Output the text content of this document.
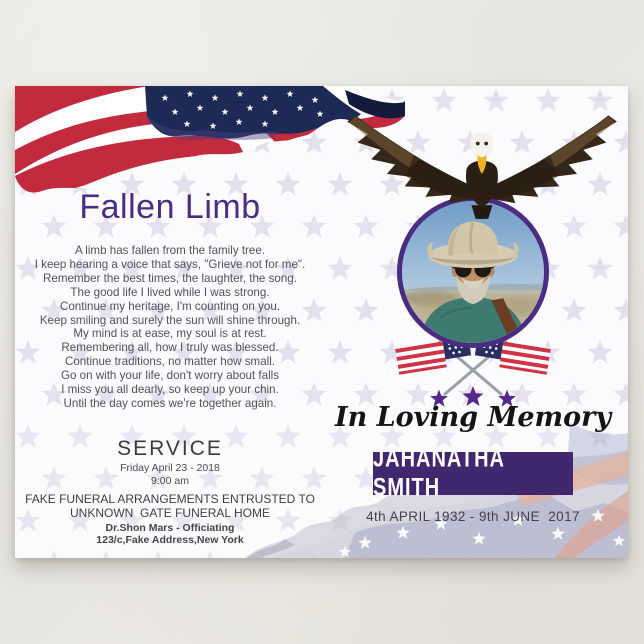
Fallen Limb
A limb has fallen from the family tree.
I keep hearing a voice that says, "Grieve not for me".
Remember the best times, the laughter, the song.
The good life I lived while I was strong.
Continue my heritage, I'm counting on you.
Keep smiling and surely the sun will shine through.
My mind is at ease, my soul is at rest.
Remembering all, how I truly was blessed.
Continue traditions, no matter how small.
Go on with your life, don't worry about falls
I miss you all dearly, so keep up your chin.
Until the day comes we're together again.
SERVICE
Friday April 23 - 2018
9:00 am
FAKE FUNERAL ARRANGEMENTS ENTRUSTED TO
UNKNOWN  GATE FUNERAL HOME
Dr.Shon Mars - Officiating
123/c,Fake Address,New York
In Loving Memory
JAHANATHA SMITH
4th APRIL 1932 - 9th JUNE  2017
